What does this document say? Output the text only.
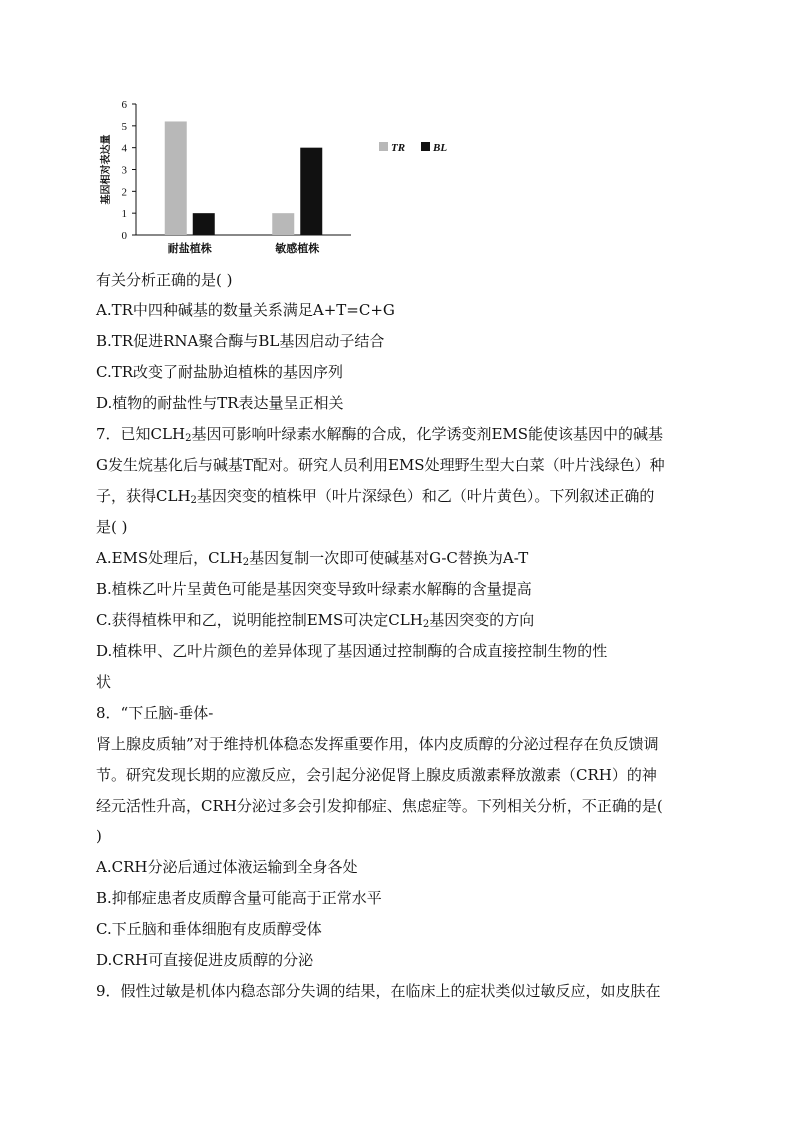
0
1
2
3
4
5
6
基因相对表达量
耐盐植株	敏感植株
TR	BL
有关分析正确的是( )
A.TR中四种碱基的数量关系满足A+T=C+G
B.TR促进RNA聚合酶与BL基因启动子结合
C.TR改变了耐盐胁迫植株的基因序列
D.植物的耐盐性与TR表达量呈正相关
7．已知$CLH_2$基因可影响叶绿素水解酶的合成，化学诱变剂EMS能使该基因中的碱基
G发生烷基化后与碱基T配对。研究人员利用EMS处理野生型大白菜（叶片浅绿色）种
子，获得$CLH_2$基因突变的植株甲（叶片深绿色）和乙（叶片黄色）。下列叙述正确的
是( )
A.EMS处理后，$CLH_2$基因复制一次即可使碱基对G-C替换为A-T
B.植株乙叶片呈黄色可能是基因突变导致叶绿素水解酶的含量提高
C.获得植株甲和乙，说明能控制EMS可决定$CLH_2$基因突变的方向
D.植株甲、乙叶片颜色的差异体现了基因通过控制酶的合成直接控制生物的性
状
8．“下丘脑-垂体-
肾上腺皮质轴”对于维持机体稳态发挥重要作用，体内皮质醇的分泌过程存在负反馈调
节。研究发现长期的应激反应，会引起分泌促肾上腺皮质激素释放激素（CRH）的神
经元活性升高，CRH分泌过多会引发抑郁症、焦虑症等。下列相关分析，不正确的是(
)
A.CRH分泌后通过体液运输到全身各处
B.抑郁症患者皮质醇含量可能高于正常水平
C.下丘脑和垂体细胞有皮质醇受体
D.CRH可直接促进皮质醇的分泌
9．假性过敏是机体内稳态部分失调的结果，在临床上的症状类似过敏反应，如皮肤在
